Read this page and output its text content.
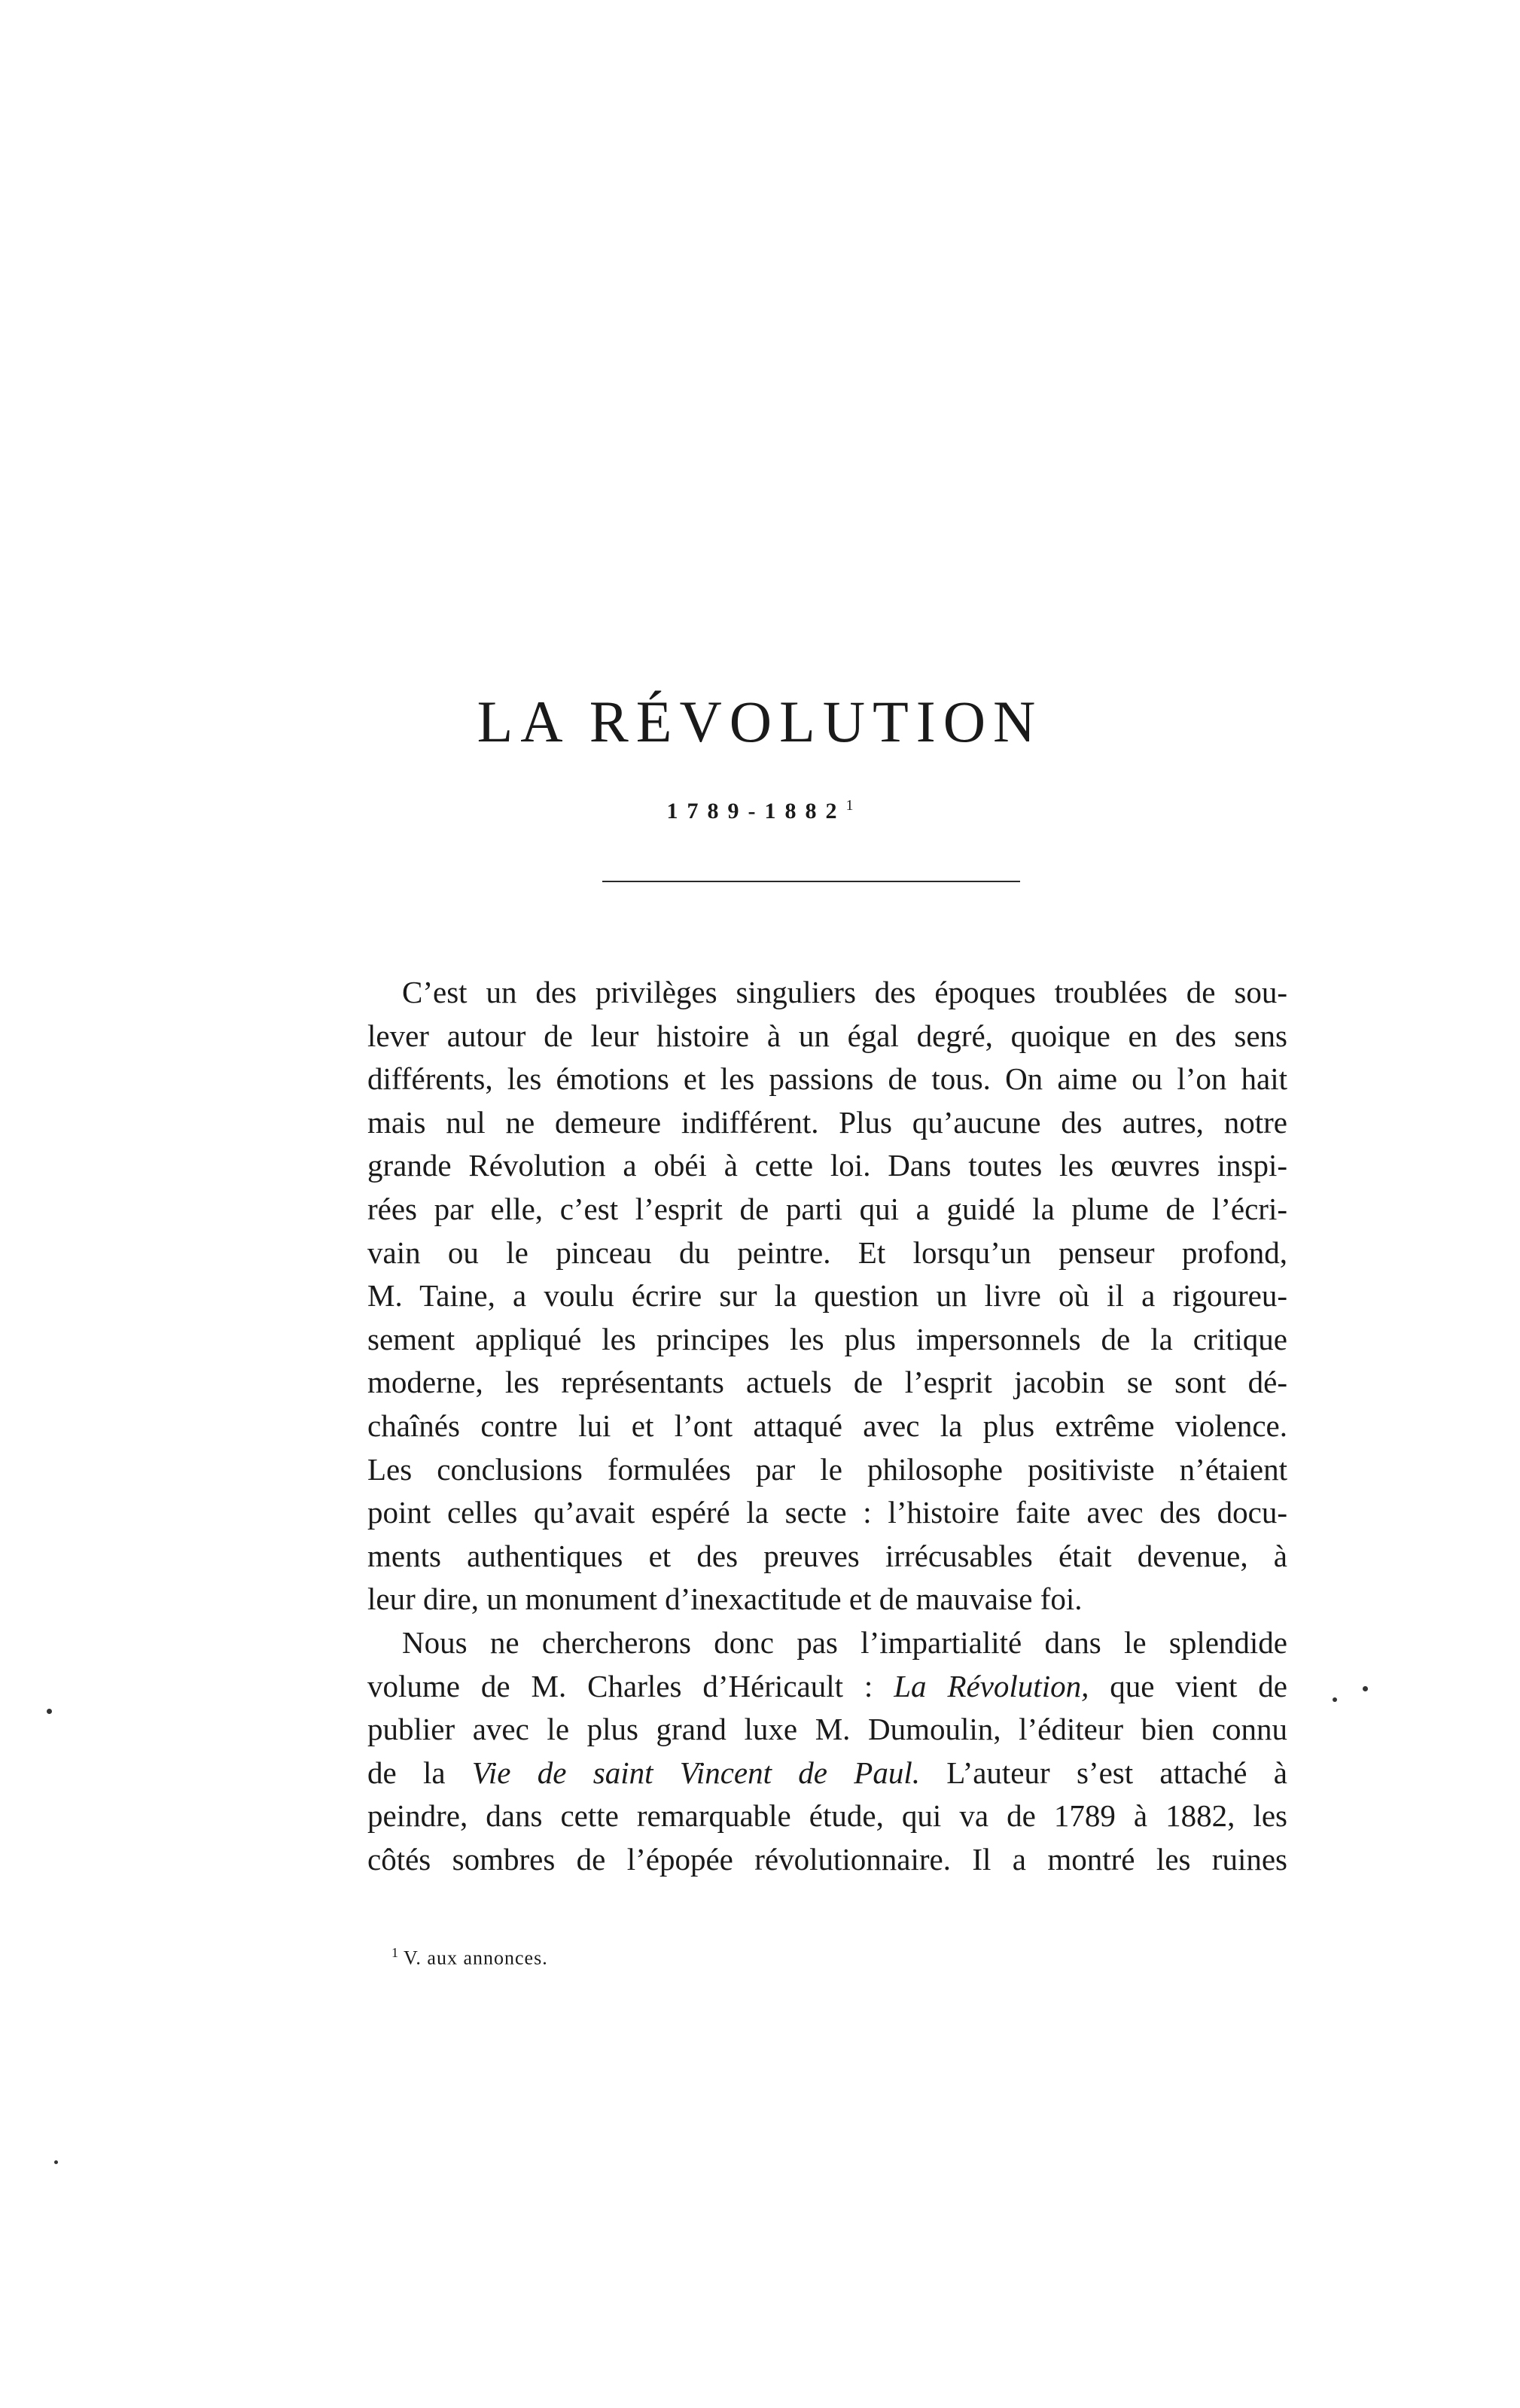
LA RÉVOLUTION
1789-1882$^1$
C’est un des privilèges singuliers des époques troublées de sou-
lever autour de leur histoire à un égal degré, quoique en des sens
différents, les émotions et les passions de tous. On aime ou l’on hait
mais nul ne demeure indifférent. Plus qu’aucune des autres, notre
grande Révolution a obéi à cette loi. Dans toutes les œuvres inspi-
rées par elle, c’est l’esprit de parti qui a guidé la plume de l’écri-
vain ou le pinceau du peintre. Et lorsqu’un penseur profond,
M. Taine, a voulu écrire sur la question un livre où il a rigoureu-
sement appliqué les principes les plus impersonnels de la critique
moderne, les représentants actuels de l’esprit jacobin se sont dé-
chaînés contre lui et l’ont attaqué avec la plus extrême violence.
Les conclusions formulées par le philosophe positiviste n’étaient
point celles qu’avait espéré la secte : l’histoire faite avec des docu-
ments authentiques et des preuves irrécusables était devenue, à
leur dire, un monument d’inexactitude et de mauvaise foi.
Nous ne chercherons donc pas l’impartialité dans le splendide
volume de M. Charles d’Héricault : La Révolution, que vient de
publier avec le plus grand luxe M. Dumoulin, l’éditeur bien connu
de la Vie de saint Vincent de Paul. L’auteur s’est attaché à
peindre, dans cette remarquable étude, qui va de 1789 à 1882, les
côtés sombres de l’épopée révolutionnaire. Il a montré les ruines
$^1$ V. aux annonces.
